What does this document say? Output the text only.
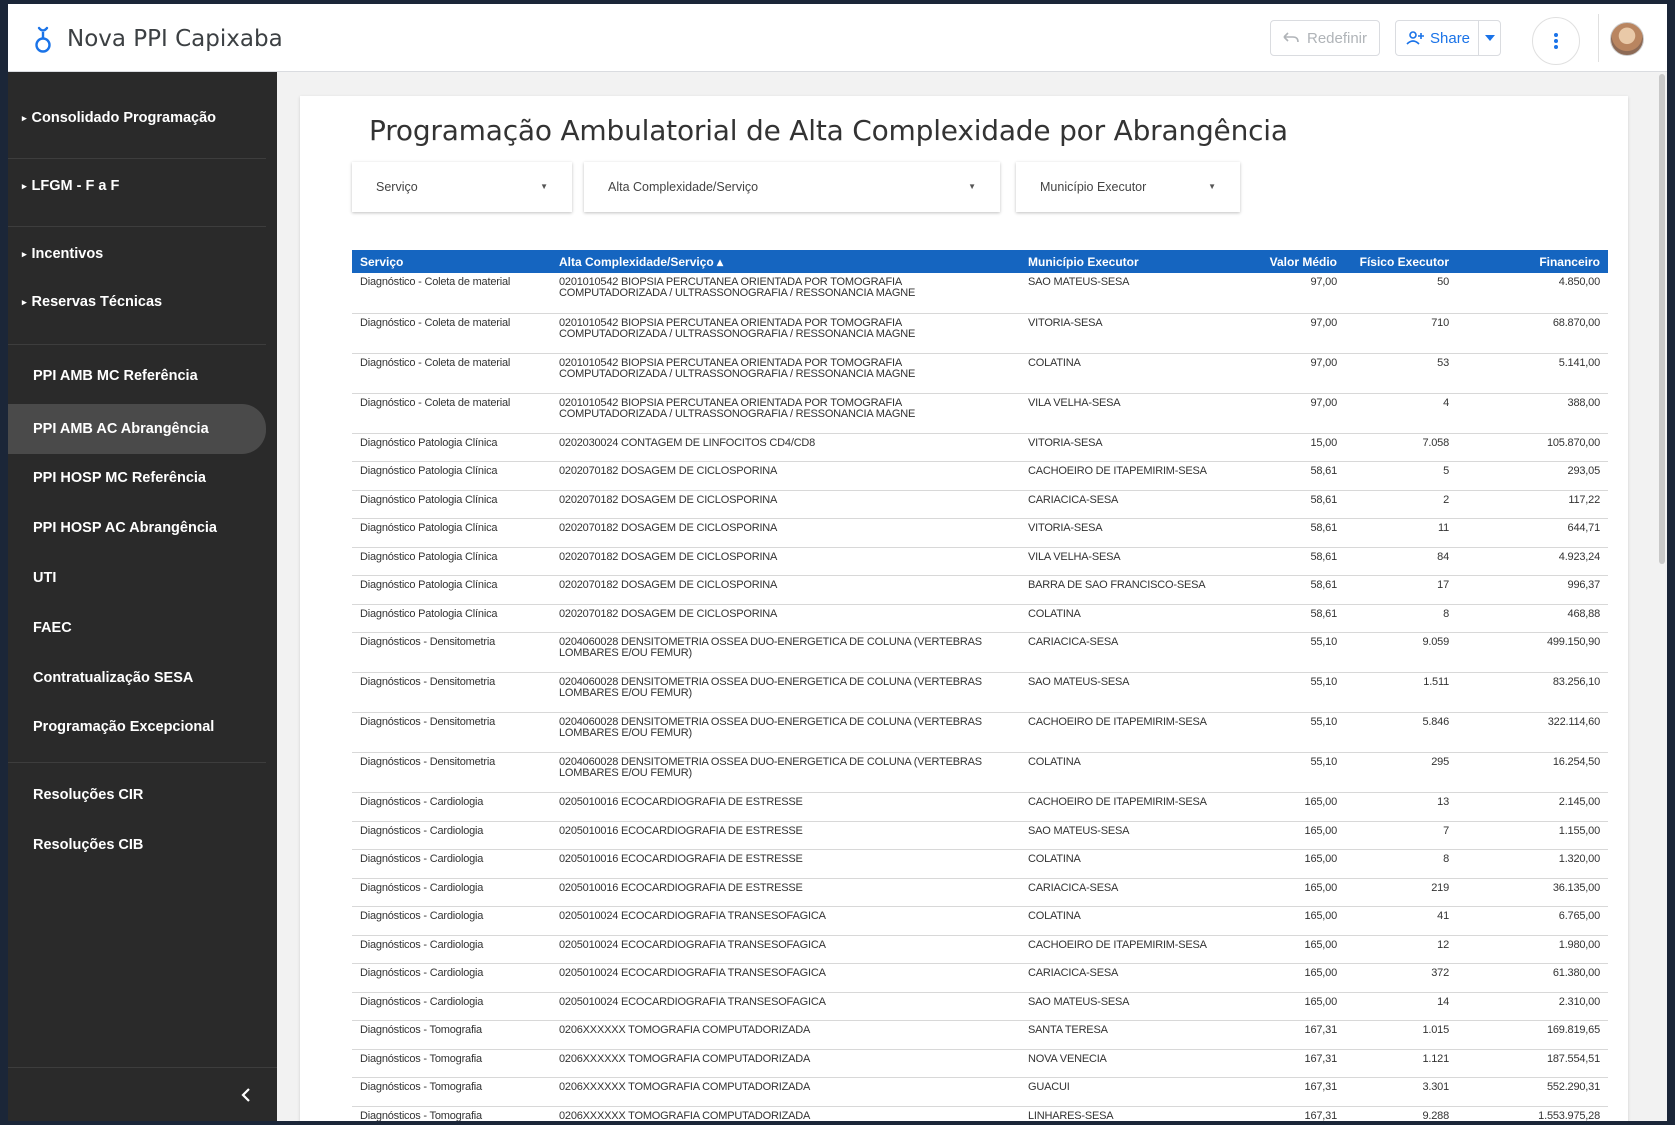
Nova PPI Capixaba	Redefinir	Share
▸ Consolidado Programação
▸ LFGM - F a F
▸ Incentivos
▸ Reservas Técnicas
PPI AMB MC Referência
PPI AMB AC Abrangência
PPI HOSP MC Referência
PPI HOSP AC Abrangência
UTI
FAEC
Contratualização SESA
Programação Excepcional
Resoluções CIR
Resoluções CIB
Programação Ambulatorial de Alta Complexidade por Abrangência
Serviço	▼	Alta Complexidade/Serviço	▼	Município Executor	▼
Serviço	Alta Complexidade/Serviço ▴	Município Executor	Valor Médio	Físico Executor	Financeiro
Diagnóstico - Coleta de material	0201010542 BIOPSIA PERCUTANEA ORIENTADA POR TOMOGRAFIA COMPUTADORIZADA / ULTRASSONOGRAFIA / RESSONANCIA MAGNE	SAO MATEUS-SESA	97,00	50	4.850,00
Diagnóstico - Coleta de material	0201010542 BIOPSIA PERCUTANEA ORIENTADA POR TOMOGRAFIA COMPUTADORIZADA / ULTRASSONOGRAFIA / RESSONANCIA MAGNE	VITORIA-SESA	97,00	710	68.870,00
Diagnóstico - Coleta de material	0201010542 BIOPSIA PERCUTANEA ORIENTADA POR TOMOGRAFIA COMPUTADORIZADA / ULTRASSONOGRAFIA / RESSONANCIA MAGNE	COLATINA	97,00	53	5.141,00
Diagnóstico - Coleta de material	0201010542 BIOPSIA PERCUTANEA ORIENTADA POR TOMOGRAFIA COMPUTADORIZADA / ULTRASSONOGRAFIA / RESSONANCIA MAGNE	VILA VELHA-SESA	97,00	4	388,00
Diagnóstico Patologia Clínica	0202030024 CONTAGEM DE LINFOCITOS CD4/CD8	VITORIA-SESA	15,00	7.058	105.870,00
Diagnóstico Patologia Clínica	0202070182 DOSAGEM DE CICLOSPORINA	CACHOEIRO DE ITAPEMIRIM-SESA	58,61	5	293,05
Diagnóstico Patologia Clínica	0202070182 DOSAGEM DE CICLOSPORINA	CARIACICA-SESA	58,61	2	117,22
Diagnóstico Patologia Clínica	0202070182 DOSAGEM DE CICLOSPORINA	VITORIA-SESA	58,61	11	644,71
Diagnóstico Patologia Clínica	0202070182 DOSAGEM DE CICLOSPORINA	VILA VELHA-SESA	58,61	84	4.923,24
Diagnóstico Patologia Clínica	0202070182 DOSAGEM DE CICLOSPORINA	BARRA DE SAO FRANCISCO-SESA	58,61	17	996,37
Diagnóstico Patologia Clínica	0202070182 DOSAGEM DE CICLOSPORINA	COLATINA	58,61	8	468,88
Diagnósticos - Densitometria	0204060028 DENSITOMETRIA OSSEA DUO-ENERGETICA DE COLUNA (VERTEBRAS LOMBARES E/OU FEMUR)	CARIACICA-SESA	55,10	9.059	499.150,90
Diagnósticos - Densitometria	0204060028 DENSITOMETRIA OSSEA DUO-ENERGETICA DE COLUNA (VERTEBRAS LOMBARES E/OU FEMUR)	SAO MATEUS-SESA	55,10	1.511	83.256,10
Diagnósticos - Densitometria	0204060028 DENSITOMETRIA OSSEA DUO-ENERGETICA DE COLUNA (VERTEBRAS LOMBARES E/OU FEMUR)	CACHOEIRO DE ITAPEMIRIM-SESA	55,10	5.846	322.114,60
Diagnósticos - Densitometria	0204060028 DENSITOMETRIA OSSEA DUO-ENERGETICA DE COLUNA (VERTEBRAS LOMBARES E/OU FEMUR)	COLATINA	55,10	295	16.254,50
Diagnósticos - Cardiologia	0205010016 ECOCARDIOGRAFIA DE ESTRESSE	CACHOEIRO DE ITAPEMIRIM-SESA	165,00	13	2.145,00
Diagnósticos - Cardiologia	0205010016 ECOCARDIOGRAFIA DE ESTRESSE	SAO MATEUS-SESA	165,00	7	1.155,00
Diagnósticos - Cardiologia	0205010016 ECOCARDIOGRAFIA DE ESTRESSE	COLATINA	165,00	8	1.320,00
Diagnósticos - Cardiologia	0205010016 ECOCARDIOGRAFIA DE ESTRESSE	CARIACICA-SESA	165,00	219	36.135,00
Diagnósticos - Cardiologia	0205010024 ECOCARDIOGRAFIA TRANSESOFAGICA	COLATINA	165,00	41	6.765,00
Diagnósticos - Cardiologia	0205010024 ECOCARDIOGRAFIA TRANSESOFAGICA	CACHOEIRO DE ITAPEMIRIM-SESA	165,00	12	1.980,00
Diagnósticos - Cardiologia	0205010024 ECOCARDIOGRAFIA TRANSESOFAGICA	CARIACICA-SESA	165,00	372	61.380,00
Diagnósticos - Cardiologia	0205010024 ECOCARDIOGRAFIA TRANSESOFAGICA	SAO MATEUS-SESA	165,00	14	2.310,00
Diagnósticos - Tomografia	0206XXXXXX TOMOGRAFIA COMPUTADORIZADA	SANTA TERESA	167,31	1.015	169.819,65
Diagnósticos - Tomografia	0206XXXXXX TOMOGRAFIA COMPUTADORIZADA	NOVA VENECIA	167,31	1.121	187.554,51
Diagnósticos - Tomografia	0206XXXXXX TOMOGRAFIA COMPUTADORIZADA	GUACUI	167,31	3.301	552.290,31
Diagnósticos - Tomografia	0206XXXXXX TOMOGRAFIA COMPUTADORIZADA	LINHARES-SESA	167,31	9.288	1.553.975,28
